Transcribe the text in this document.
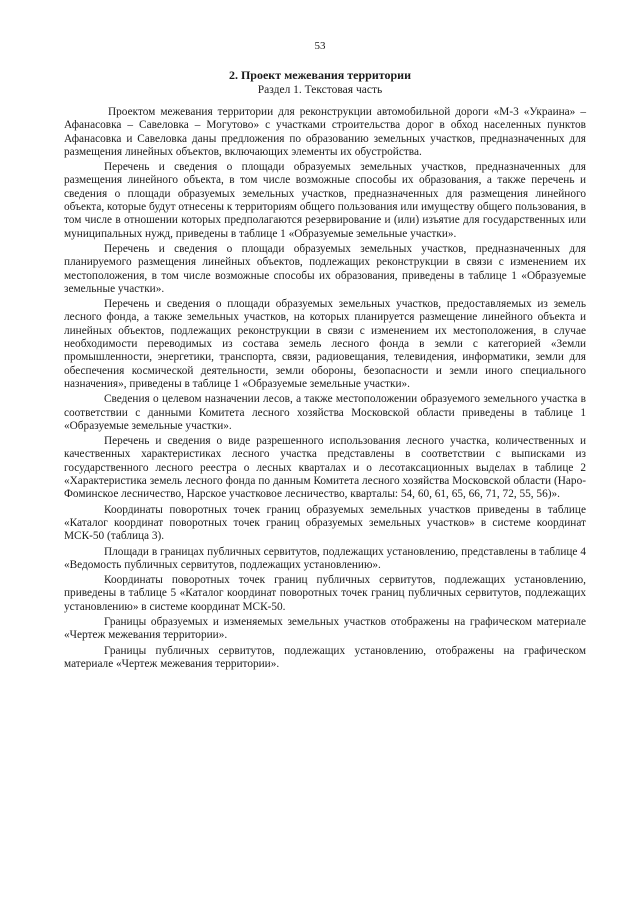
53
2. Проект межевания территории
Раздел 1. Текстовая часть

Проектом межевания территории для реконструкции автомобильной дороги «М-3 «Украина» – Афанасовка – Савеловка – Могутово» с участками строительства дорог в обход населенных пунктов Афанасовка и Савеловка даны предложения по образованию земельных участков, предназначенных для размещения линейных объектов, включающих элементы их обустройства.

Перечень и сведения о площади образуемых земельных участков, предназначенных для размещения линейного объекта, в том числе возможные способы их образования, а также перечень и сведения о площади образуемых земельных участков, предназначенных для размещения линейного объекта, которые будут отнесены к территориям общего пользования или имуществу общего пользования, в том числе в отношении которых предполагаются резервирование и (или) изъятие для государственных или муниципальных нужд, приведены в таблице 1 «Образуемые земельные участки».

Перечень и сведения о площади образуемых земельных участков, предназначенных для планируемого размещения линейных объектов, подлежащих реконструкции в связи с изменением их местоположения, в том числе возможные способы их образования, приведены в таблице 1 «Образуемые земельные участки».

Перечень и сведения о площади образуемых земельных участков, предоставляемых из земель лесного фонда, а также земельных участков, на которых планируется размещение линейного объекта и линейных объектов, подлежащих реконструкции в связи с изменением их местоположения, в случае необходимости переводимых из состава земель лесного фонда в земли с категорией «Земли промышленности, энергетики, транспорта, связи, радиовещания, телевидения, информатики, земли для обеспечения космической деятельности, земли обороны, безопасности и земли иного специального назначения», приведены в таблице 1 «Образуемые земельные участки».

Сведения о целевом назначении лесов, а также местоположении образуемого земельного участка в соответствии с данными Комитета лесного хозяйства Московской области приведены в таблице 1 «Образуемые земельные участки».

Перечень и сведения о виде разрешенного использования лесного участка, количественных и качественных характеристиках лесного участка представлены в соответствии с выписками из государственного лесного реестра о лесных кварталах и о лесотаксационных выделах в таблице 2 «Характеристика земель лесного фонда по данным Комитета лесного хозяйства Московской области (Наро-Фоминское лесничество, Нарское участковое лесничество, кварталы: 54, 60, 61, 65, 66, 71, 72, 55, 56)».

Координаты поворотных точек границ образуемых земельных участков приведены в таблице «Каталог координат поворотных точек границ образуемых земельных участков» в системе координат МСК-50 (таблица 3).

Площади в границах публичных сервитутов, подлежащих установлению, представлены в таблице 4 «Ведомость публичных сервитутов, подлежащих установлению».

Координаты поворотных точек границ публичных сервитутов, подлежащих установлению, приведены в таблице 5 «Каталог координат поворотных точек границ публичных сервитутов, подлежащих установлению» в системе координат МСК-50.

Границы образуемых и изменяемых земельных участков отображены на графическом материале «Чертеж межевания территории».

Границы публичных сервитутов, подлежащих установлению, отображены на графическом материале «Чертеж межевания территории».
